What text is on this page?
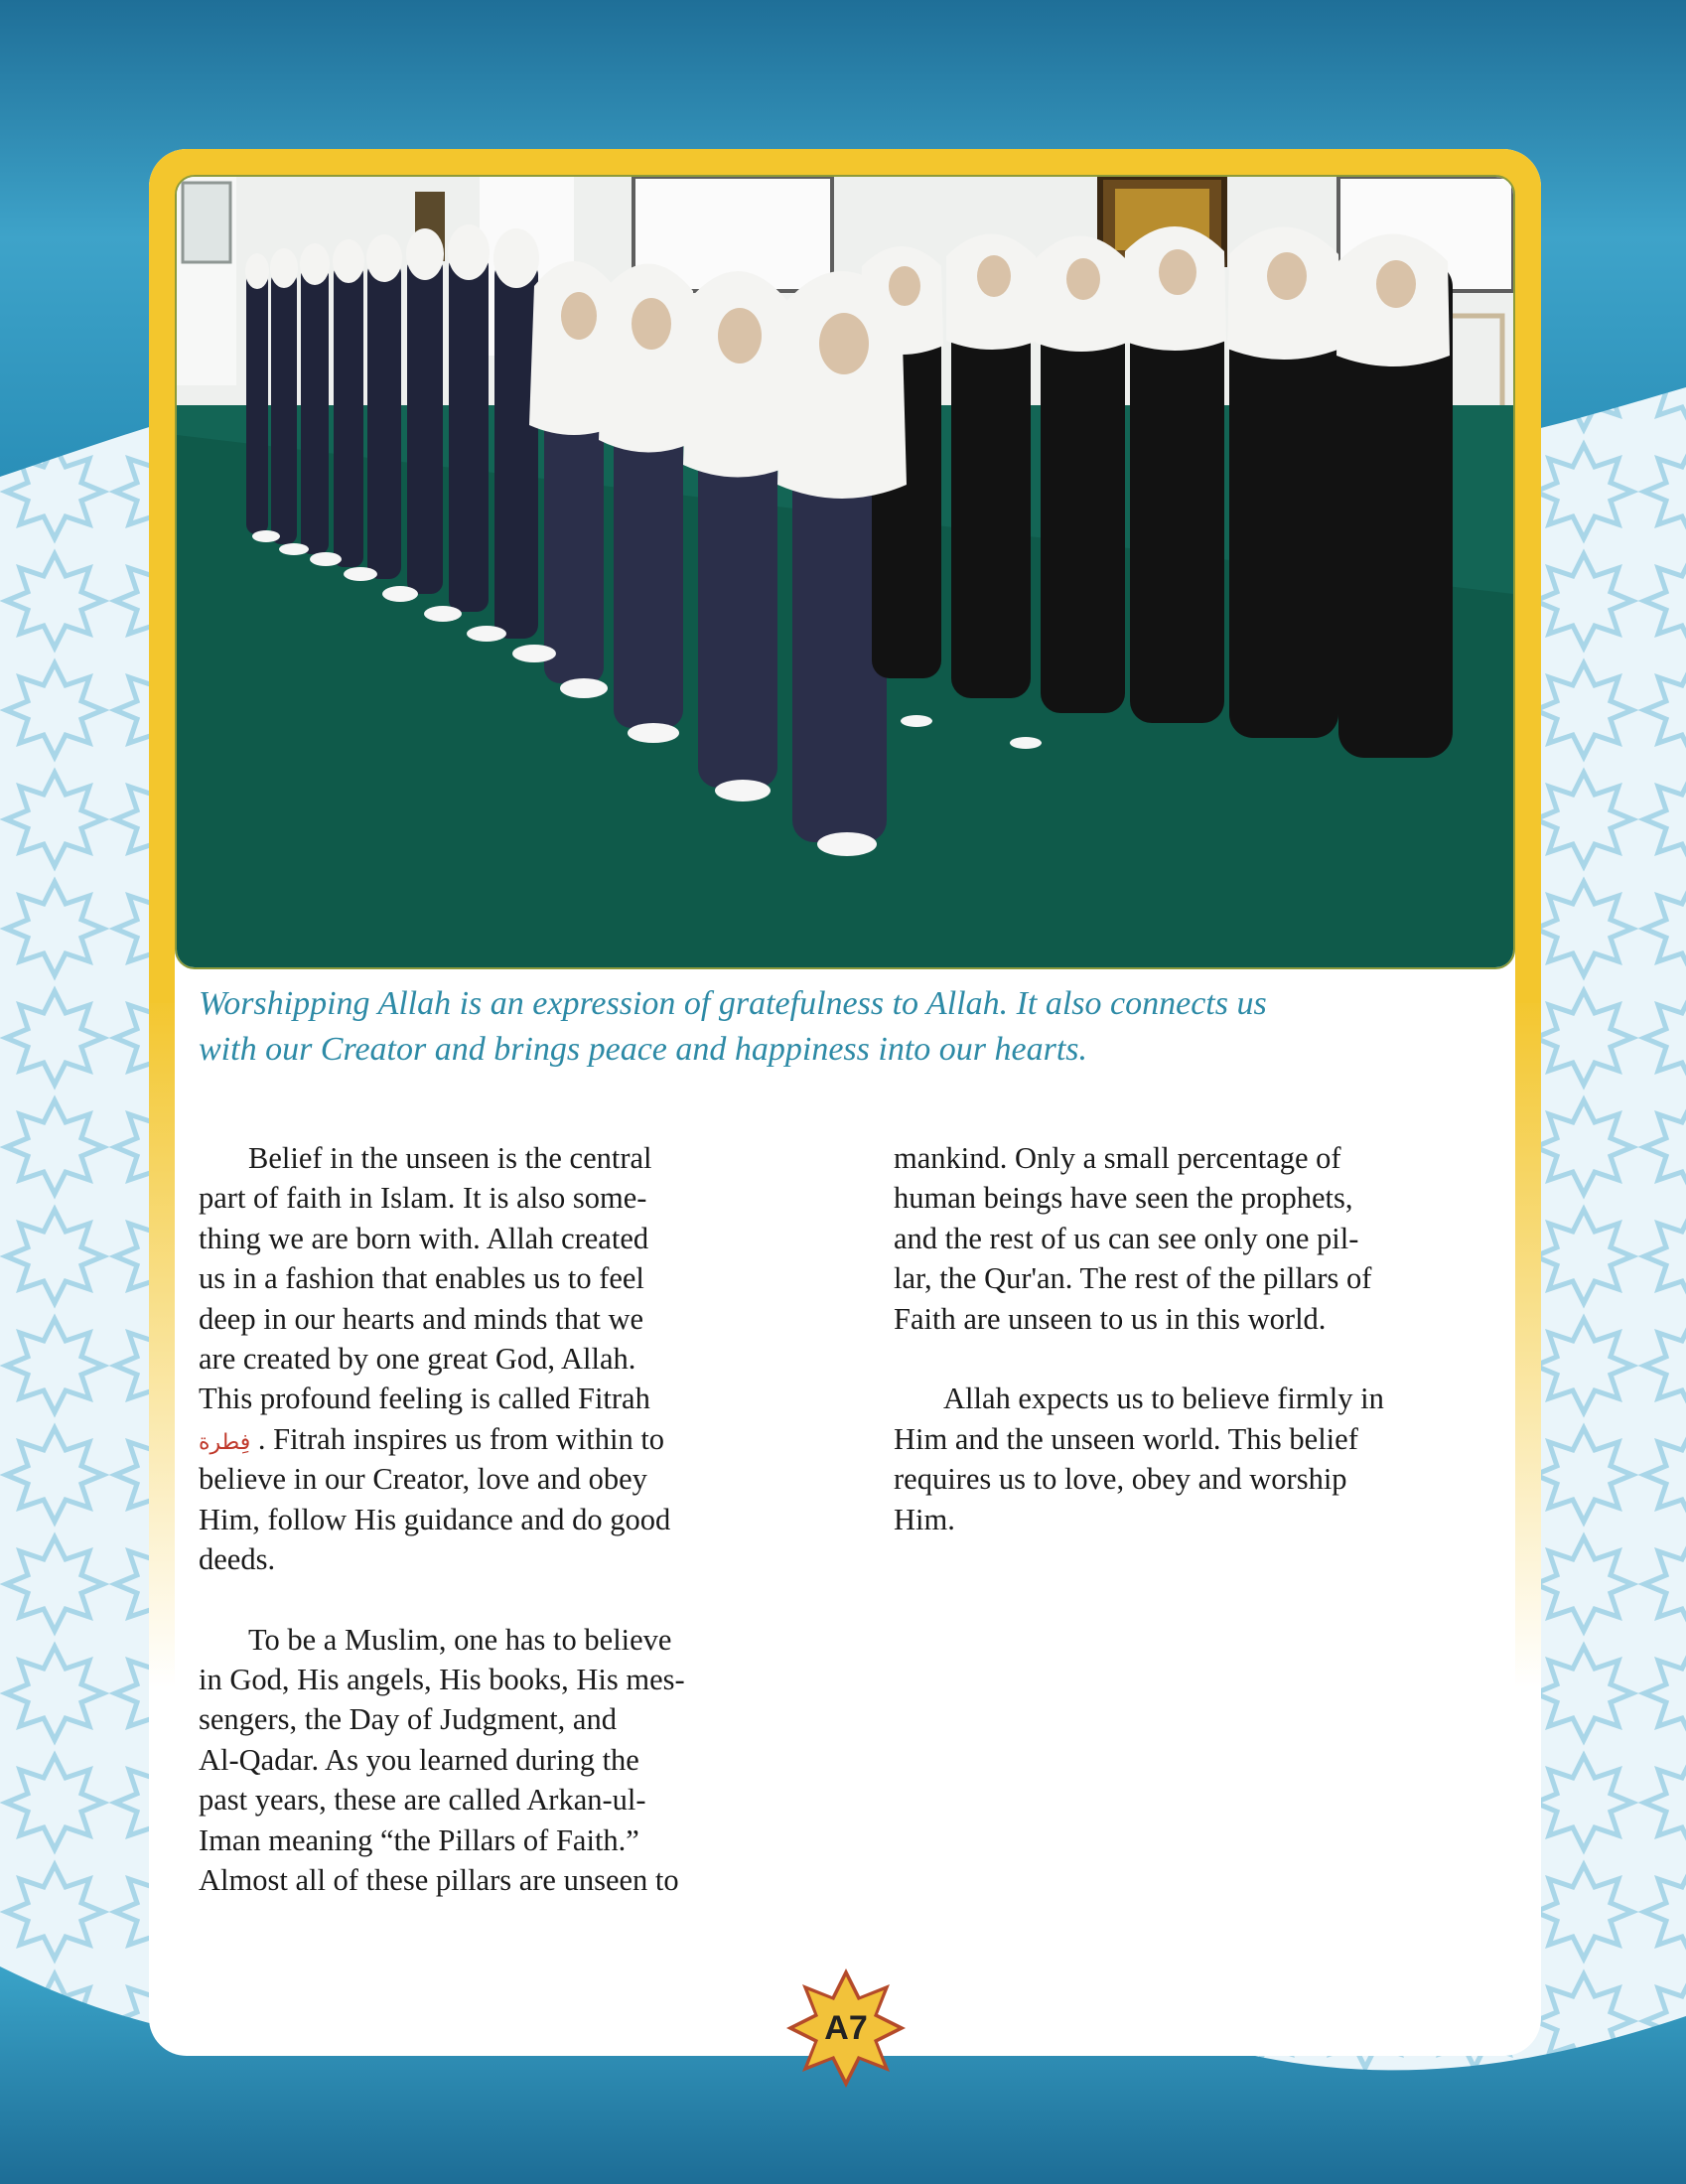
Worshipping Allah is an expression of gratefulness to Allah. It also connects us
with our Creator and brings peace and happiness into our hearts.

Belief in the unseen is the central
part of faith in Islam. It is also some-
thing we are born with. Allah created
us in a fashion that enables us to feel
deep in our hearts and minds that we
are created by one great God, Allah.
This profound feeling is called Fitrah
فِطرة . Fitrah inspires us from within to
believe in our Creator, love and obey
Him, follow His guidance and do good
deeds.
To be a Muslim, one has to believe
in God, His angels, His books, His mes-
sengers, the Day of Judgment, and
Al-Qadar. As you learned during the
past years, these are called Arkan-ul-
Iman meaning “the Pillars of Faith.”
Almost all of these pillars are unseen to
mankind. Only a small percentage of
human beings have seen the prophets,
and the rest of us can see only one pil-
lar, the Qur'an. The rest of the pillars of
Faith are unseen to us in this world.
Allah expects us to believe firmly in
Him and the unseen world. This belief
requires us to love, obey and worship
Him.
A7
